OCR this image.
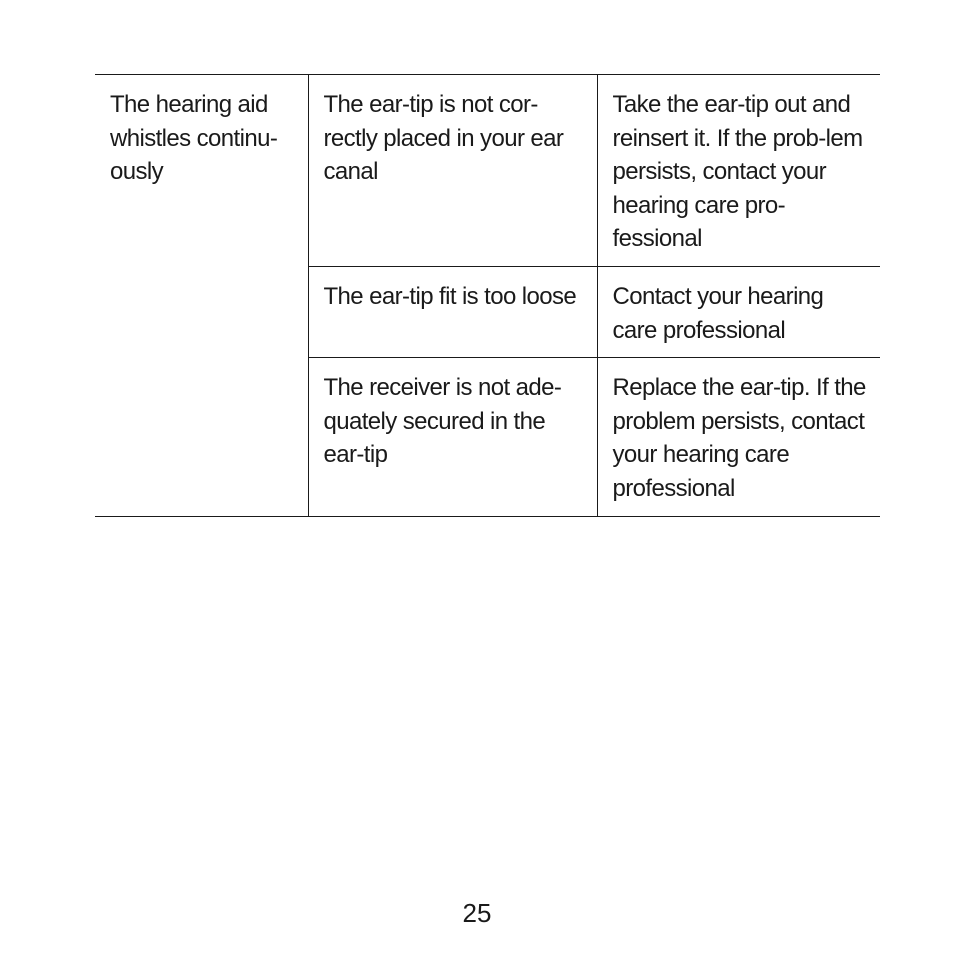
The hearing aid whistles continu-ously	The ear-tip is not cor-rectly placed in your ear canal	Take the ear-tip out and reinsert it. If the prob-lem persists, contact your hearing care pro-fessional
	The ear-tip fit is too loose	Contact your hearing care professional
	The receiver is not ade-quately secured in the ear-tip	Replace the ear-tip. If the problem persists, contact your hearing care professional
25
